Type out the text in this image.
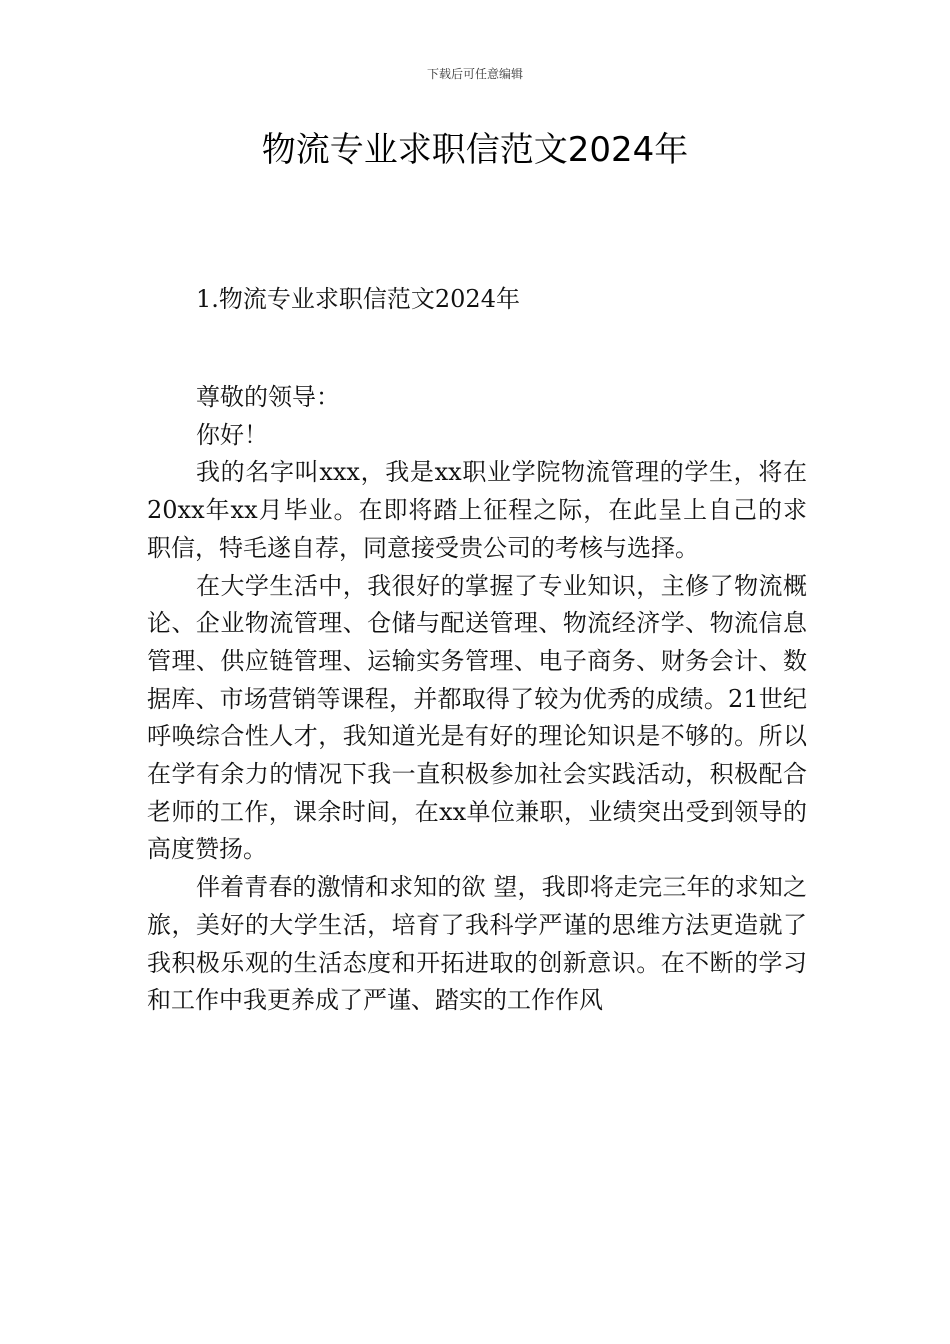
下载后可任意编辑
物流专业求职信范文2024年
1.物流专业求职信范文2024年

尊敬的领导：

你好！

我的名字叫xxx，我是xx职业学院物流管理的学生，将在20xx年xx月毕业。在即将踏上征程之际，在此呈上自己的求职信，特毛遂自荐，同意接受贵公司的考核与选择。

在大学生活中，我很好的掌握了专业知识，主修了物流概论、企业物流管理、仓储与配送管理、物流经济学、物流信息管理、供应链管理、运输实务管理、电子商务、财务会计、数据库、市场营销等课程，并都取得了较为优秀的成绩。21世纪呼唤综合性人才，我知道光是有好的理论知识是不够的。所以在学有余力的情况下我一直积极参加社会实践活动，积极配合老师的工作，课余时间，在xx单位兼职，业绩突出受到领导的高度赞扬。

伴着青春的激情和求知的欲 望，我即将走完三年的求知之旅，美好的大学生活，培育了我科学严谨的思维方法更造就了我积极乐观的生活态度和开拓进取的创新意识。在不断的学习和工作中我更养成了严谨、踏实的工作作风
